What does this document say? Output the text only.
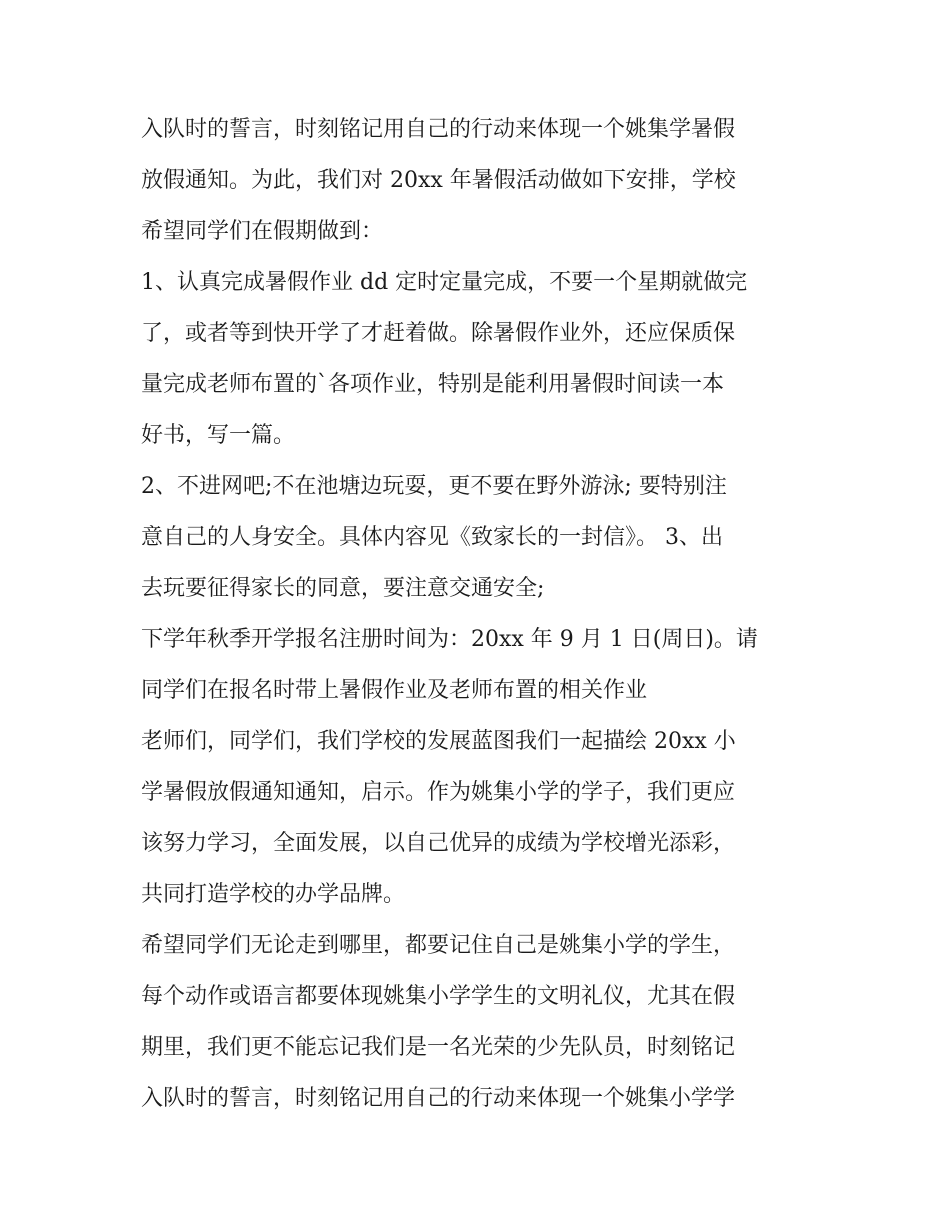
入队时的誓言，时刻铭记用自己的行动来体现一个姚集学暑假
放假通知。为此，我们对 20xx 年暑假活动做如下安排，学校
希望同学们在假期做到：
1、认真完成暑假作业 dd 定时定量完成，不要一个星期就做完
了，或者等到快开学了才赶着做。除暑假作业外，还应保质保
量完成老师布置的`各项作业，特别是能利用暑假时间读一本
好书，写一篇。
2、不进网吧;不在池塘边玩耍，更不要在野外游泳; 要特别注
意自己的人身安全。具体内容见《致家长的一封信》。 3、出
去玩要征得家长的同意，要注意交通安全;
下学年秋季开学报名注册时间为：20xx 年 9 月 1 日(周日)。请
同学们在报名时带上暑假作业及老师布置的相关作业
老师们，同学们，我们学校的发展蓝图我们一起描绘 20xx 小
学暑假放假通知通知，启示。作为姚集小学的学子，我们更应
该努力学习，全面发展，以自己优异的成绩为学校增光添彩，
共同打造学校的办学品牌。
希望同学们无论走到哪里，都要记住自己是姚集小学的学生，
每个动作或语言都要体现姚集小学学生的文明礼仪，尤其在假
期里，我们更不能忘记我们是一名光荣的少先队员，时刻铭记
入队时的誓言，时刻铭记用自己的行动来体现一个姚集小学学
